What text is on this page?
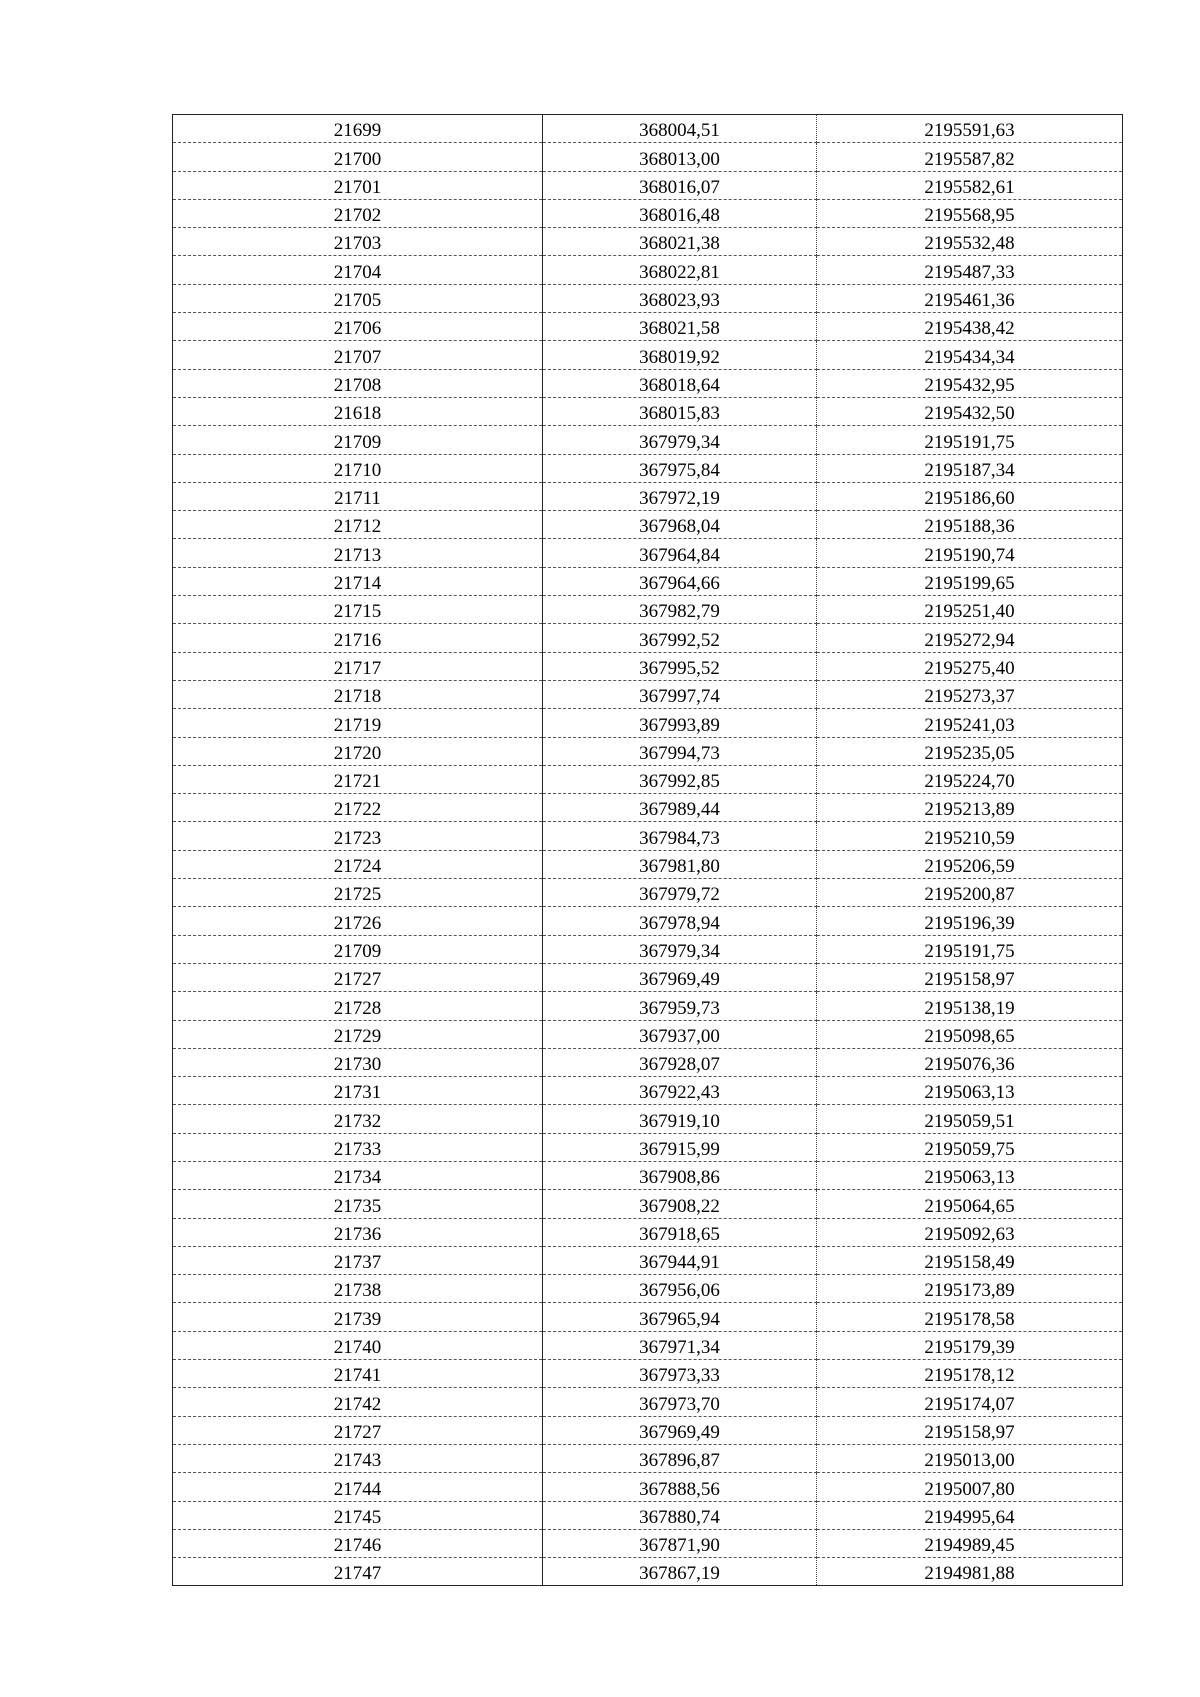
21699	368004,51	2195591,63
21700	368013,00	2195587,82
21701	368016,07	2195582,61
21702	368016,48	2195568,95
21703	368021,38	2195532,48
21704	368022,81	2195487,33
21705	368023,93	2195461,36
21706	368021,58	2195438,42
21707	368019,92	2195434,34
21708	368018,64	2195432,95
21618	368015,83	2195432,50
21709	367979,34	2195191,75
21710	367975,84	2195187,34
21711	367972,19	2195186,60
21712	367968,04	2195188,36
21713	367964,84	2195190,74
21714	367964,66	2195199,65
21715	367982,79	2195251,40
21716	367992,52	2195272,94
21717	367995,52	2195275,40
21718	367997,74	2195273,37
21719	367993,89	2195241,03
21720	367994,73	2195235,05
21721	367992,85	2195224,70
21722	367989,44	2195213,89
21723	367984,73	2195210,59
21724	367981,80	2195206,59
21725	367979,72	2195200,87
21726	367978,94	2195196,39
21709	367979,34	2195191,75
21727	367969,49	2195158,97
21728	367959,73	2195138,19
21729	367937,00	2195098,65
21730	367928,07	2195076,36
21731	367922,43	2195063,13
21732	367919,10	2195059,51
21733	367915,99	2195059,75
21734	367908,86	2195063,13
21735	367908,22	2195064,65
21736	367918,65	2195092,63
21737	367944,91	2195158,49
21738	367956,06	2195173,89
21739	367965,94	2195178,58
21740	367971,34	2195179,39
21741	367973,33	2195178,12
21742	367973,70	2195174,07
21727	367969,49	2195158,97
21743	367896,87	2195013,00
21744	367888,56	2195007,80
21745	367880,74	2194995,64
21746	367871,90	2194989,45
21747	367867,19	2194981,88
